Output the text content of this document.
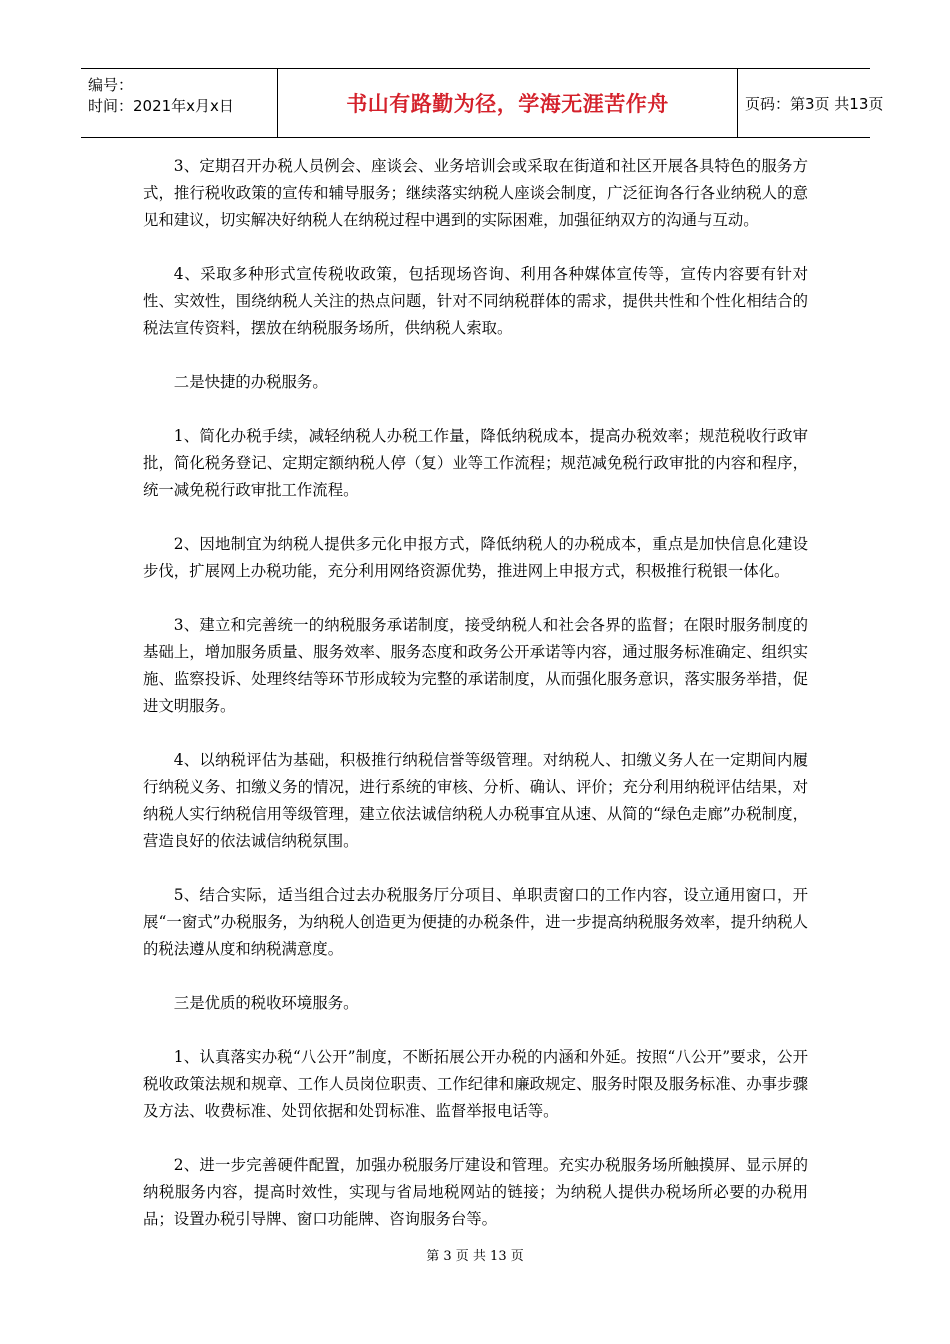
编号：
时间：2021年x月x日	书山有路勤为径，学海无涯苦作舟	页码：第3页 共13页

3、定期召开办税人员例会、座谈会、业务培训会或采取在街道和社区开展各具特色的服务方式，推行税收政策的宣传和辅导服务；继续落实纳税人座谈会制度，广泛征询各行各业纳税人的意见和建议，切实解决好纳税人在纳税过程中遇到的实际困难，加强征纳双方的沟通与互动。

4、采取多种形式宣传税收政策，包括现场咨询、利用各种媒体宣传等，宣传内容要有针对性、实效性，围绕纳税人关注的热点问题，针对不同纳税群体的需求，提供共性和个性化相结合的税法宣传资料，摆放在纳税服务场所，供纳税人索取。

二是快捷的办税服务。

1、简化办税手续，减轻纳税人办税工作量，降低纳税成本，提高办税效率；规范税收行政审批，简化税务登记、定期定额纳税人停（复）业等工作流程；规范减免税行政审批的内容和程序，统一减免税行政审批工作流程。

2、因地制宜为纳税人提供多元化申报方式，降低纳税人的办税成本，重点是加快信息化建设步伐，扩展网上办税功能，充分利用网络资源优势，推进网上申报方式，积极推行税银一体化。

3、建立和完善统一的纳税服务承诺制度，接受纳税人和社会各界的监督；在限时服务制度的基础上，增加服务质量、服务效率、服务态度和政务公开承诺等内容，通过服务标准确定、组织实施、监察投诉、处理终结等环节形成较为完整的承诺制度，从而强化服务意识，落实服务举措，促进文明服务。

4、以纳税评估为基础，积极推行纳税信誉等级管理。对纳税人、扣缴义务人在一定期间内履行纳税义务、扣缴义务的情况，进行系统的审核、分析、确认、评价；充分利用纳税评估结果，对纳税人实行纳税信用等级管理，建立依法诚信纳税人办税事宜从速、从简的“绿色走廊”办税制度，营造良好的依法诚信纳税氛围。

5、结合实际，适当组合过去办税服务厅分项目、单职责窗口的工作内容，设立通用窗口，开展“一窗式”办税服务，为纳税人创造更为便捷的办税条件，进一步提高纳税服务效率，提升纳税人的税法遵从度和纳税满意度。

三是优质的税收环境服务。

1、认真落实办税“八公开”制度，不断拓展公开办税的内涵和外延。按照“八公开”要求，公开税收政策法规和规章、工作人员岗位职责、工作纪律和廉政规定、服务时限及服务标准、办事步骤及方法、收费标准、处罚依据和处罚标准、监督举报电话等。

2、进一步完善硬件配置，加强办税服务厅建设和管理。充实办税服务场所触摸屏、显示屏的纳税服务内容，提高时效性，实现与省局地税网站的链接；为纳税人提供办税场所必要的办税用品；设置办税引导牌、窗口功能牌、咨询服务台等。

第 3 页 共 13 页
